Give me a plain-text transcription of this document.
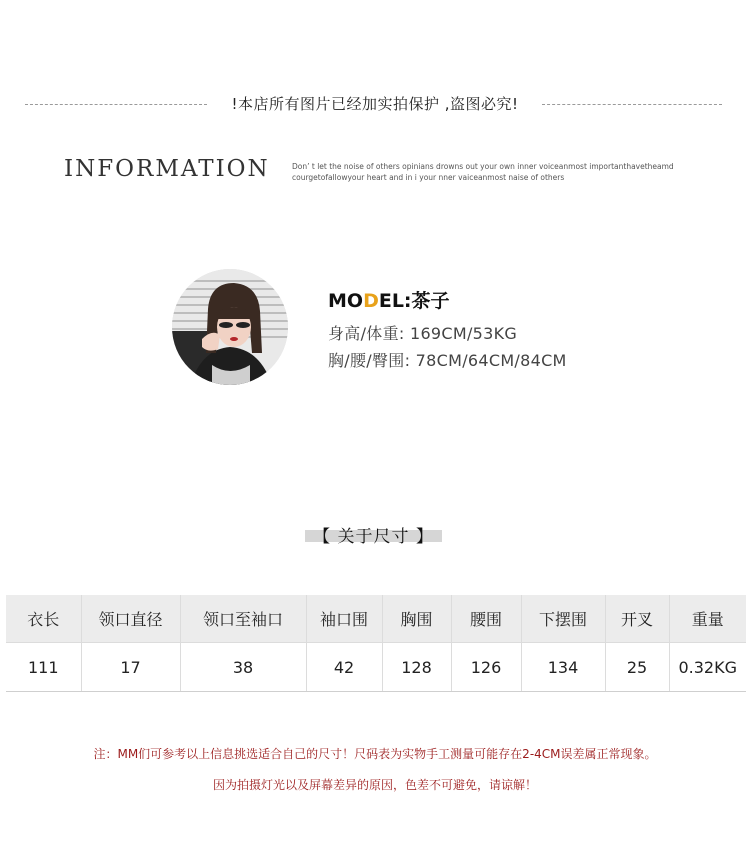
!本店所有图片已经加实拍保护 ,盗图必究!
INFORMATION	Don’ t let the noise of others opinians drowns out your own inner voiceanmost importanthavetheamd
courgetofallowyour heart and in i your nner vaiceanmost naise of others
MODEL:茶子
身高/体重: 169CM/53KG
胸/腰/臀围: 78CM/64CM/84CM
【 关于尺寸 】
衣长	领口直径	领口至袖口	袖口围	胸围	腰围	下摆围	开叉	重量
111	17	38	42	128	126	134	25	0.32KG
注：MM们可参考以上信息挑选适合自己的尺寸！尺码表为实物手工测量可能存在2-4CM误差属正常现象。
因为拍摄灯光以及屏幕差异的原因，色差不可避免，请谅解！
